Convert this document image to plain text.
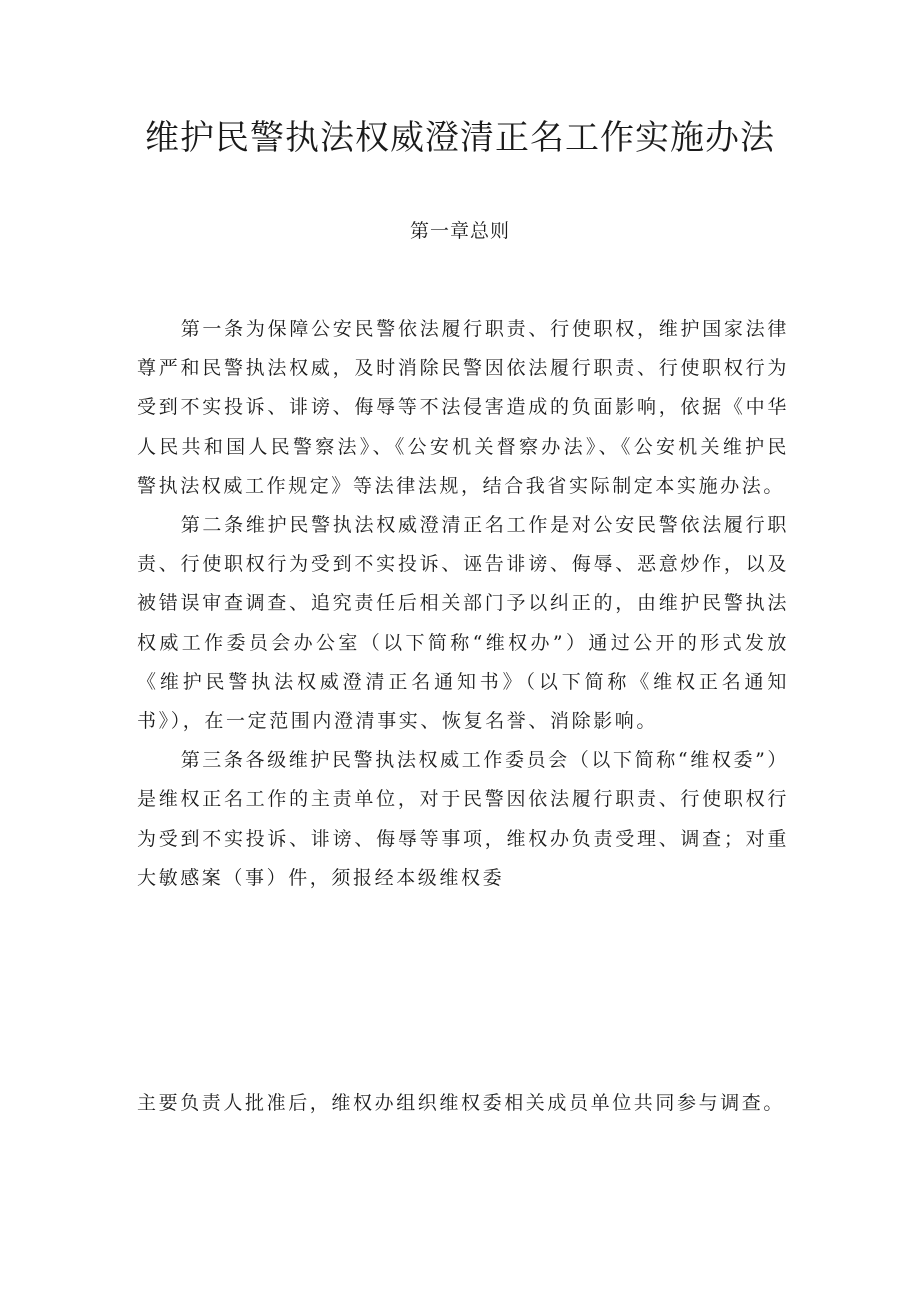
维护民警执法权威澄清正名工作实施办法
第一章总则

第一条为保障公安民警依法履行职责、行使职权，维护国家法律尊严和民警执法权威，及时消除民警因依法履行职责、行使职权行为受到不实投诉、诽谤、侮辱等不法侵害造成的负面影响，依据《中华人民共和国人民警察法》、《公安机关督察办法》、《公安机关维护民警执法权威工作规定》等法律法规，结合我省实际制定本实施办法。

第二条维护民警执法权威澄清正名工作是对公安民警依法履行职责、行使职权行为受到不实投诉、诬告诽谤、侮辱、恶意炒作，以及被错误审查调查、追究责任后相关部门予以纠正的，由维护民警执法权威工作委员会办公室（以下简称“维权办”）通过公开的形式发放《维护民警执法权威澄清正名通知书》（以下简称《维权正名通知书》），在一定范围内澄清事实、恢复名誉、消除影响。

第三条各级维护民警执法权威工作委员会（以下简称“维权委”）是维权正名工作的主责单位，对于民警因依法履行职责、行使职权行为受到不实投诉、诽谤、侮辱等事项，维权办负责受理、调查；对重大敏感案（事）件，须报经本级维权委

主要负责人批准后，维权办组织维权委相关成员单位共同参与调查。
